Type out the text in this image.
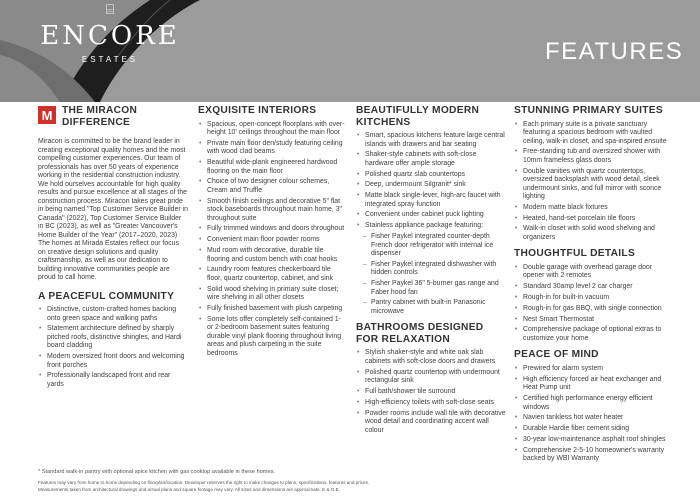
⌸
ENCORE
ESTATES	FEATURES
M THE MIRACON DIFFERENCE

Miracon is committed to be the brand leader in creating exceptional quality homes and the most compelling customer experiences. Our team of professionals has over 50 years of experience working in the residential construction industry. We hold ourselves accountable for high quality results and pursue excellence at all stages of the construction process. Miracon takes great pride in being named "Top Customer Service Builder in Canada" (2022), Top Customer Service Builder in BC (2023), as well as "Greater Vancouver's Home Builder of the Year" (2017–2020, 2023) The homes at Mirada Estates reflect our focus on creative design solutions and quality craftsmanship, as well as our dedication to building innovative communities people are proud to call home.

A PEACEFUL COMMUNITY
• Distinctive, custom-crafted homes backing onto green space and walking paths
• Statement architecture defined by sharply pitched roofs, distinctive shingles, and Hardi board cladding
• Modern oversized front doors and welcoming front porches
• Professionally landscaped front and rear yards
EXQUISITE INTERIORS
• Spacious, open-concept floorplans with over-height 10' ceilings throughout the main floor
• Private main floor den/study featuring ceiling with wood clad beams
• Beautiful wide-plank engineered hardwood flooring on the main floor
• Choice of two designer colour schemes, Cream and Truffle
• Smooth finish ceilings and decorative 5" flat stock baseboards throughout main home, 3" throughout suite
• Fully trimmed windows and doors throughout
• Convenient main floor powder rooms
• Mud room with decorative, durable tile flooring and custom bench with coat hooks
• Laundry room features checkerboard tile floor, quartz countertop, cabinet, and sink
• Solid wood shelving in primary suite closet; wire shelving in all other closets
• Fully finished basement with plush carpeting
• Some lots offer completely self-contained 1- or 2-bedroom basement suites featuring durable vinyl plank flooring throughout living areas and plush carpeting in the suite bedrooms
BEAUTIFULLY MODERN KITCHENS
• Smart, spacious kitchens feature large central islands with drawers and bar seating
• Shaker-style cabinets with soft-close hardware offer ample storage
• Polished quartz slab countertops
• Deep, undermount Silgranit* sink
• Matte black single-lever, high-arc faucet with integrated spray function
• Convenient under cabinet puck lighting
• Stainless appliance package featuring:
– Fisher Paykel integrated counter-depth French door refrigerator with internal ice dispenser
– Fisher Paykel integrated dishwasher with hidden controls
– Fisher Paykel 36" 5-burner gas range and Faber hood fan
– Pantry cabinet with built-in Panasonic microwave
BATHROOMS DESIGNED FOR RELAXATION
• Stylish shaker-style and white oak slab cabinets with soft-close doors and drawers
• Polished quartz countertop with undermount rectangular sink
• Full bath/shower tile surround
• High-efficiency toilets with soft-close seats
• Powder rooms include wall tile with decorative wood detail and coordinating accent wall colour
STUNNING PRIMARY SUITES
• Each primary suite is a private sanctuary featuring a spacious bedroom with vaulted ceiling, walk-in closet, and spa-inspired ensuite
• Free-standing tub and oversized shower with 10mm frameless glass doors
• Double vanities with quartz countertops, oversized backsplash with wood detail, sleek undermount sinks, and full mirror with sconce lighting
• Modern matte black fixtures
• Heated, hand-set porcelain tile floors
• Walk-in closet with solid wood shelving and organizers
THOUGHTFUL DETAILS
• Double garage with overhead garage door opener with 2 remotes
• Standard 30amp level 2 car charger
• Rough-in for built-in vacuum
• Rough-in for gas BBQ, with single connection
• Nest Smart Thermostat
• Comprehensive package of optional extras to customize your home
PEACE OF MIND
• Prewired for alarm system
• High efficiency forced air heat exchanger and Heat Pump unit
• Certified high performance energy efficient windows
• Navien tankless hot water heater
• Durable Hardie fiber cement siding
• 30-year low-maintenance asphalt roof shingles
• Comprehensive 2-5-10 homeowner's warranty backed by WBI Warranty
* Standard walk-in pantry with optional spice kitchen with gas cooktop available in these homes.
Features may vary from home to home depending on floorplan/location. Developer reserves the right to make changes to plans, specifications, features and prices.
Measurements taken from architectural drawings and actual plans and square footage may vary. All sizes and dimensions are approximate. E & O.E.
